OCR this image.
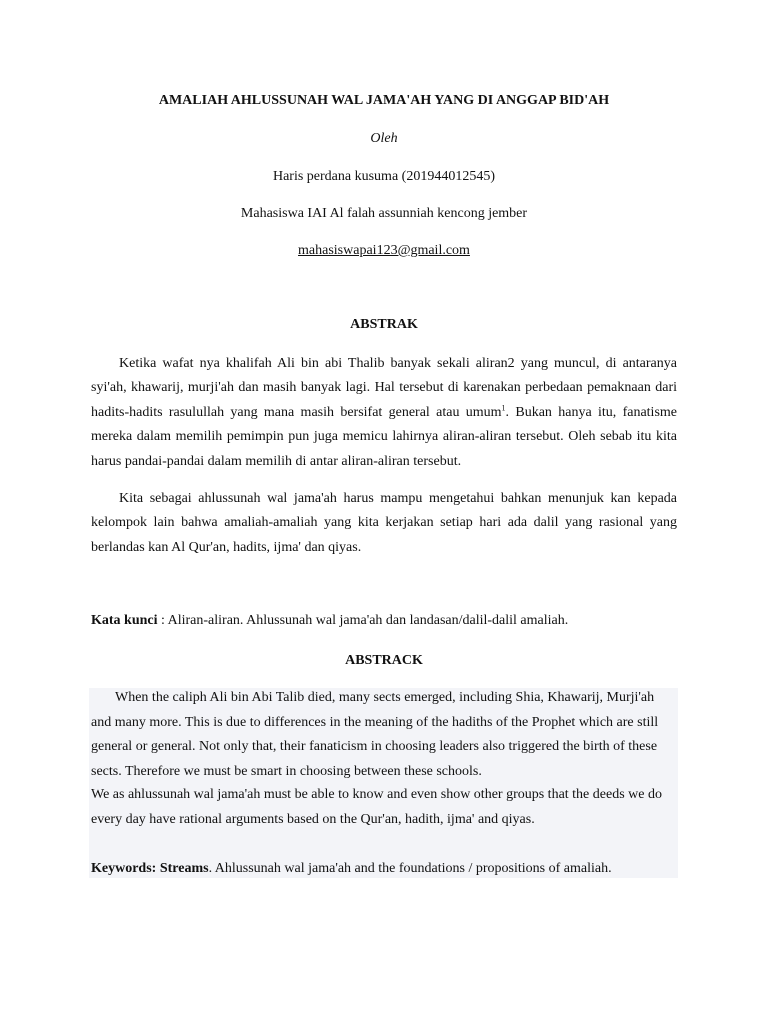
AMALIAH AHLUSSUNAH WAL JAMA'AH YANG DI ANGGAP BID'AH
Oleh
Haris perdana kusuma (201944012545)
Mahasiswa IAI Al falah assunniah kencong jember
mahasiswapai123@gmail.com
ABSTRAK

Ketika wafat nya khalifah Ali bin abi Thalib banyak sekali aliran2 yang muncul, di antaranya syi'ah, khawarij, murji'ah dan masih banyak lagi. Hal tersebut di karenakan perbedaan pemaknaan dari hadits-hadits rasulullah yang mana masih bersifat general atau umum$^1$. Bukan hanya itu, fanatisme mereka dalam memilih pemimpin pun juga memicu lahirnya aliran-aliran tersebut. Oleh sebab itu kita harus pandai-pandai dalam memilih di antar aliran-aliran tersebut.

Kita sebagai ahlussunah wal jama'ah harus mampu mengetahui bahkan menunjuk kan kepada kelompok lain bahwa amaliah-amaliah yang kita kerjakan setiap hari ada dalil yang rasional yang berlandas kan Al Qur'an, hadits, ijma' dan qiyas.

Kata kunci : Aliran-aliran. Ahlussunah wal jama'ah dan landasan/dalil-dalil amaliah.
ABSTRACK

When the caliph Ali bin Abi Talib died, many sects emerged, including Shia, Khawarij, Murji'ah and many more. This is due to differences in the meaning of the hadiths of the Prophet which are still general or general. Not only that, their fanaticism in choosing leaders also triggered the birth of these sects. Therefore we must be smart in choosing between these schools.

We as ahlussunah wal jama'ah must be able to know and even show other groups that the deeds we do every day have rational arguments based on the Qur'an, hadith, ijma' and qiyas.

Keywords: Streams. Ahlussunah wal jama'ah and the foundations / propositions of amaliah.
